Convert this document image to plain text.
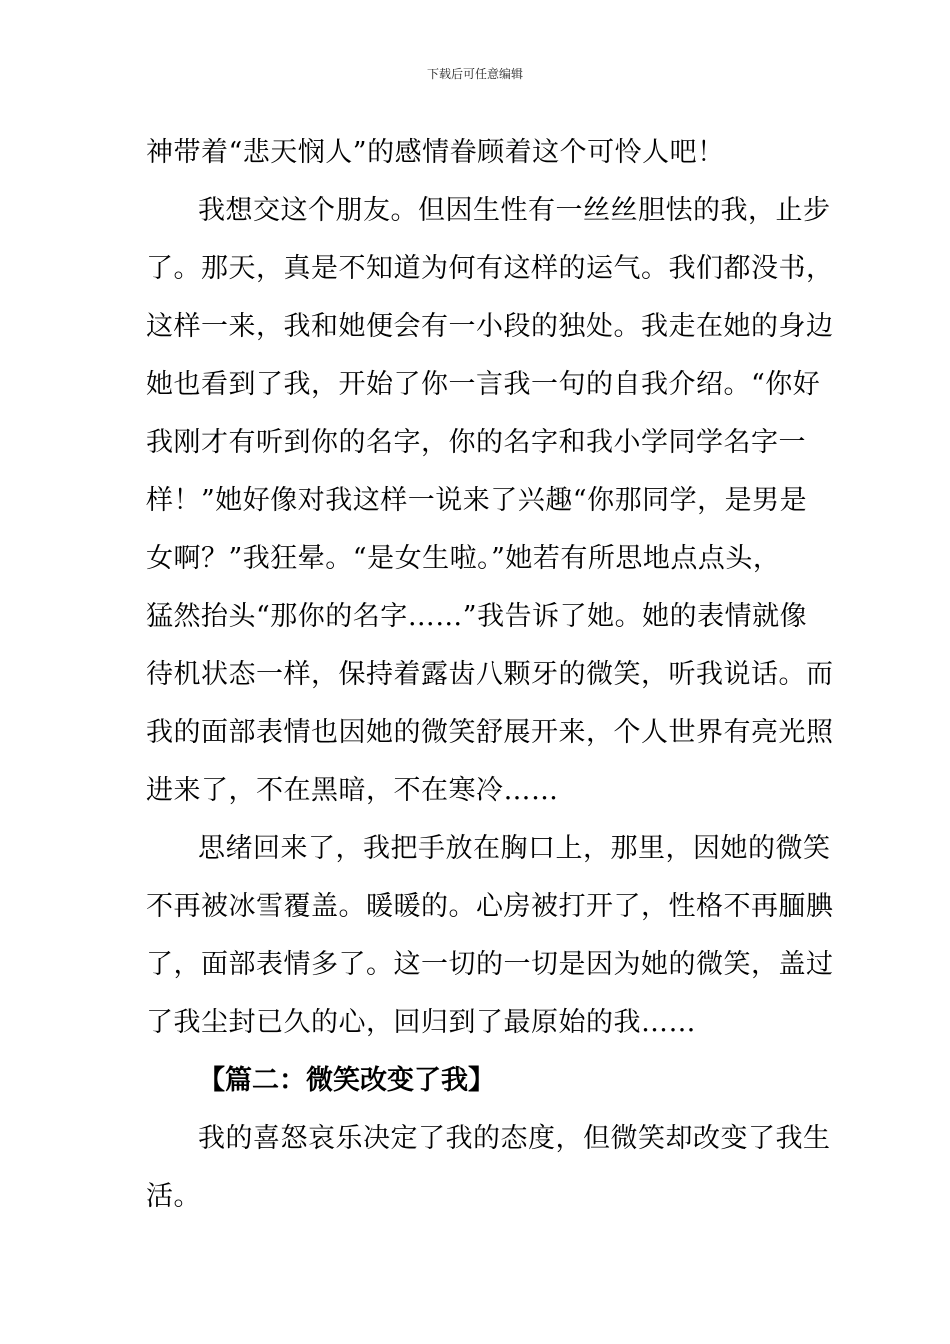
下载后可任意编辑
神带着“悲天悯人”的感情眷顾着这个可怜人吧！
我想交这个朋友。但因生性有一丝丝胆怯的我，止步
了。那天，真是不知道为何有这样的运气。我们都没书，
这样一来，我和她便会有一小段的独处。我走在她的身边
她也看到了我，开始了你一言我一句的自我介绍。“你好
我刚才有听到你的名字，你的名字和我小学同学名字一
样！”她好像对我这样一说来了兴趣“你那同学，是男是
女啊？”我狂晕。“是女生啦。”她若有所思地点点头，
猛然抬头“那你的名字……”我告诉了她。她的表情就像
待机状态一样，保持着露齿八颗牙的微笑，听我说话。而
我的面部表情也因她的微笑舒展开来，个人世界有亮光照
进来了，不在黑暗，不在寒冷……
思绪回来了，我把手放在胸口上，那里，因她的微笑
不再被冰雪覆盖。暖暖的。心房被打开了，性格不再腼腆
了，面部表情多了。这一切的一切是因为她的微笑，盖过
了我尘封已久的心，回归到了最原始的我……
【篇二：微笑改变了我】
我的喜怒哀乐决定了我的态度，但微笑却改变了我生
活。
